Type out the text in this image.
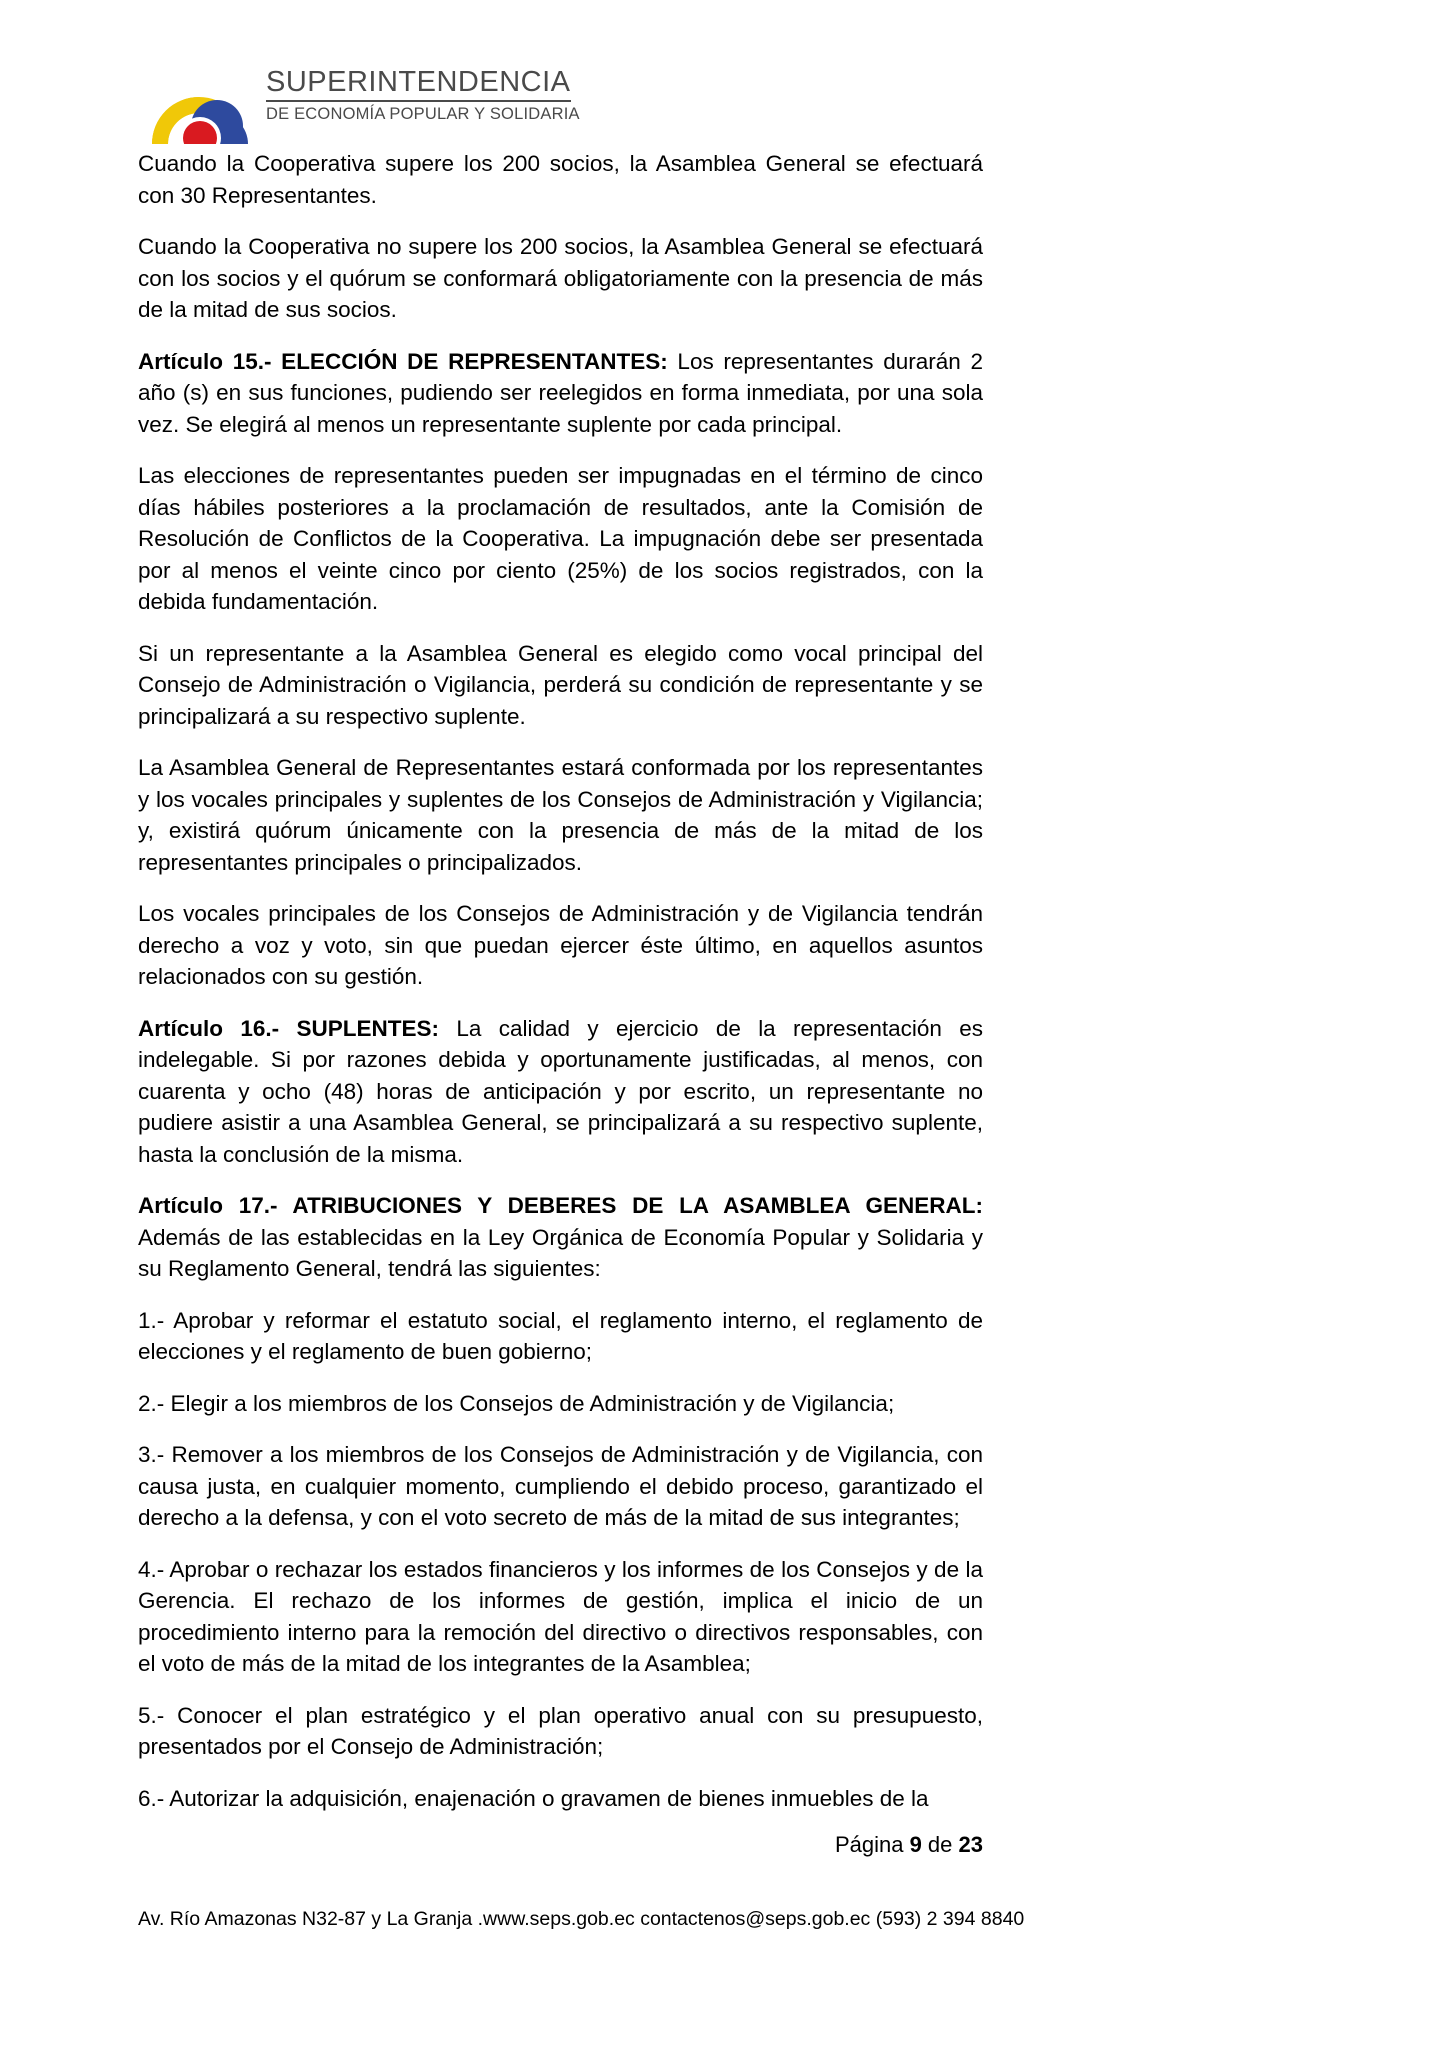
SUPERINTENDENCIA
DE ECONOMÍA POPULAR Y SOLIDARIA

Cuando la Cooperativa supere los 200 socios, la Asamblea General se efectuará con 30 Representantes.

Cuando la Cooperativa no supere los 200 socios, la Asamblea General se efectuará con los socios y el quórum se conformará obligatoriamente con la presencia de más de la mitad de sus socios.

Artículo 15.- ELECCIÓN DE REPRESENTANTES: Los representantes durarán 2 año (s) en sus funciones, pudiendo ser reelegidos en forma inmediata, por una sola vez. Se elegirá al menos un representante suplente por cada principal.

Las elecciones de representantes pueden ser impugnadas en el término de cinco días hábiles posteriores a la proclamación de resultados, ante la Comisión de Resolución de Conflictos de la Cooperativa. La impugnación debe ser presentada por al menos el veinte cinco por ciento (25%) de los socios registrados, con la debida fundamentación.

Si un representante a la Asamblea General es elegido como vocal principal del Consejo de Administración o Vigilancia, perderá su condición de representante y se principalizará a su respectivo suplente.

La Asamblea General de Representantes estará conformada por los representantes y los vocales principales y suplentes de los Consejos de Administración y Vigilancia; y, existirá quórum únicamente con la presencia de más de la mitad de los representantes principales o principalizados.

Los vocales principales de los Consejos de Administración y de Vigilancia tendrán derecho a voz y voto, sin que puedan ejercer éste último, en aquellos asuntos relacionados con su gestión.

Artículo 16.- SUPLENTES: La calidad y ejercicio de la representación es indelegable. Si por razones debida y oportunamente justificadas, al menos, con cuarenta y ocho (48) horas de anticipación y por escrito, un representante no pudiere asistir a una Asamblea General, se principalizará a su respectivo suplente, hasta la conclusión de la misma.

Artículo 17.- ATRIBUCIONES Y DEBERES DE LA ASAMBLEA GENERAL: Además de las establecidas en la Ley Orgánica de Economía Popular y Solidaria y su Reglamento General, tendrá las siguientes:

1.- Aprobar y reformar el estatuto social, el reglamento interno, el reglamento de elecciones y el reglamento de buen gobierno;

2.- Elegir a los miembros de los Consejos de Administración y de Vigilancia;

3.- Remover a los miembros de los Consejos de Administración y de Vigilancia, con causa justa, en cualquier momento, cumpliendo el debido proceso, garantizado el derecho a la defensa, y con el voto secreto de más de la mitad de sus integrantes;

4.- Aprobar o rechazar los estados financieros y los informes de los Consejos y de la Gerencia. El rechazo de los informes de gestión, implica el inicio de un procedimiento interno para la remoción del directivo o directivos responsables, con el voto de más de la mitad de los integrantes de la Asamblea;

5.- Conocer el plan estratégico y el plan operativo anual con su presupuesto, presentados por el Consejo de Administración;

6.- Autorizar la adquisición, enajenación o gravamen de bienes inmuebles de la

Página 9 de 23
Av. Río Amazonas N32-87 y La Granja .www.seps.gob.ec contactenos@seps.gob.ec (593) 2 394 8840
